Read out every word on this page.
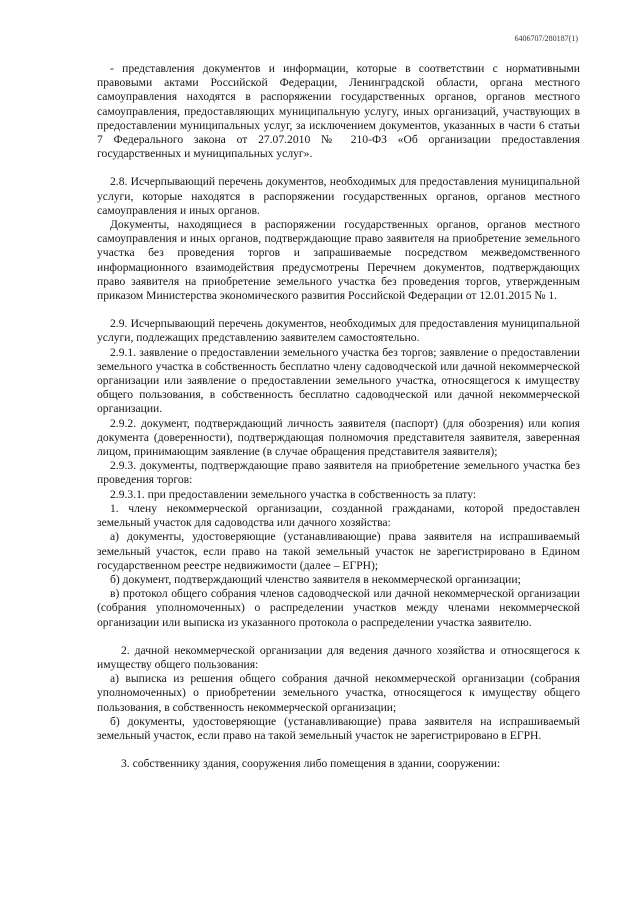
6406707/280187(1)

- представления документов и информации, которые в соответствии с нормативными правовыми актами Российской Федерации, Ленинградской области, органа местного самоуправления находятся в распоряжении государственных органов, органов местного самоуправления, предоставляющих муниципальную услугу, иных организаций, участвующих в предоставлении муниципальных услуг, за исключением документов, указанных в части 6 статьи 7 Федерального закона от 27.07.2010 № 210-ФЗ «Об организации предоставления государственных и муниципальных услуг».

2.8. Исчерпывающий перечень документов, необходимых для предоставления муниципальной услуги, которые находятся в распоряжении государственных органов, органов местного самоуправления и иных органов.

Документы, находящиеся в распоряжении государственных органов, органов местного самоуправления и иных органов, подтверждающие право заявителя на приобретение земельного участка без проведения торгов и запрашиваемые посредством межведомственного информационного взаимодействия предусмотрены Перечнем документов, подтверждающих право заявителя на приобретение земельного участка без проведения торгов, утвержденным приказом Министерства экономического развития Российской Федерации от 12.01.2015 № 1.

2.9. Исчерпывающий перечень документов, необходимых для предоставления муниципальной услуги, подлежащих представлению заявителем самостоятельно.

2.9.1. заявление о предоставлении земельного участка без торгов; заявление о предоставлении земельного участка в собственность бесплатно члену садоводческой или дачной некоммерческой организации или заявление о предоставлении земельного участка, относящегося к имуществу общего пользования, в собственность бесплатно садоводческой или дачной некоммерческой организации.

2.9.2. документ, подтверждающий личность заявителя (паспорт) (для обозрения) или копия документа (доверенности), подтверждающая полномочия представителя заявителя, заверенная лицом, принимающим заявление (в случае обращения представителя заявителя);

2.9.3. документы, подтверждающие право заявителя на приобретение земельного участка без проведения торгов:

2.9.3.1. при предоставлении земельного участка в собственность за плату:

1. члену некоммерческой организации, созданной гражданами, которой предоставлен земельный участок для садоводства или дачного хозяйства:

а) документы, удостоверяющие (устанавливающие) права заявителя на испрашиваемый земельный участок, если право на такой земельный участок не зарегистрировано в Едином государственном реестре недвижимости (далее – ЕГРН);

б) документ, подтверждающий членство заявителя в некоммерческой организации;

в) протокол общего собрания членов садоводческой или дачной некоммерческой организации (собрания уполномоченных) о распределении участков между членами некоммерческой организации или выписка из указанного протокола о распределении участка заявителю.

2. дачной некоммерческой организации для ведения дачного хозяйства и относящегося к имуществу общего пользования:

а) выписка из решения общего собрания дачной некоммерческой организации (собрания уполномоченных) о приобретении земельного участка, относящегося к имуществу общего пользования, в собственность некоммерческой организации;

б) документы, удостоверяющие (устанавливающие) права заявителя на испрашиваемый земельный участок, если право на такой земельный участок не зарегистрировано в ЕГРН.

3. собственнику здания, сооружения либо помещения в здании, сооружении:
